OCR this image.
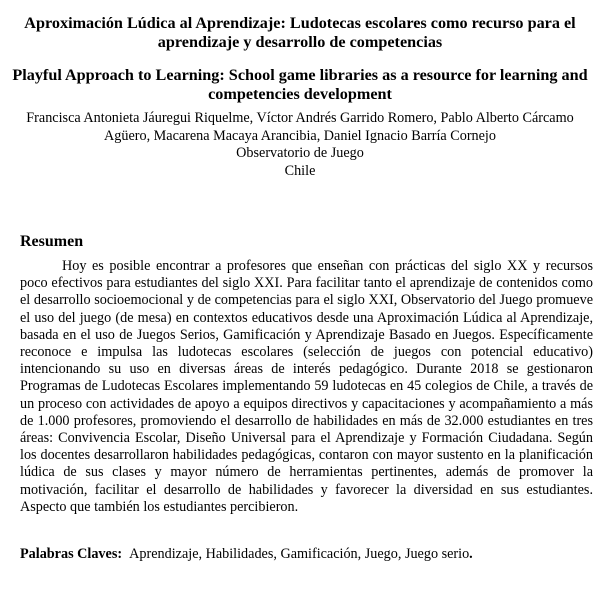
Aproximación Lúdica al Aprendizaje: Ludotecas escolares como recurso para el aprendizaje y desarrollo de competencias
Playful Approach to Learning: School game libraries as a resource for learning and competencies development
Francisca Antonieta Jáuregui Riquelme, Víctor Andrés Garrido Romero, Pablo Alberto Cárcamo
Agüero, Macarena Macaya Arancibia, Daniel Ignacio Barría Cornejo
Observatorio de Juego
Chile
Resumen

Hoy es posible encontrar a profesores que enseñan con prácticas del siglo XX y recursos poco efectivos para estudiantes del siglo XXI. Para facilitar tanto el aprendizaje de contenidos como el desarrollo socioemocional y de competencias para el siglo XXI, Observatorio del Juego promueve el uso del juego (de mesa) en contextos educativos desde una Aproximación Lúdica al Aprendizaje, basada en el uso de Juegos Serios, Gamificación y Aprendizaje Basado en Juegos. Específicamente reconoce e impulsa las ludotecas escolares (selección de juegos con potencial educativo) intencionando su uso en diversas áreas de interés pedagógico. Durante 2018 se gestionaron Programas de Ludotecas Escolares implementando 59 ludotecas en 45 colegios de Chile, a través de un proceso con actividades de apoyo a equipos directivos y capacitaciones y acompañamiento a más de 1.000 profesores, promoviendo el desarrollo de habilidades en más de 32.000 estudiantes en tres áreas: Convivencia Escolar, Diseño Universal para el Aprendizaje y Formación Ciudadana. Según los docentes desarrollaron habilidades pedagógicas, contaron con mayor sustento en la planificación lúdica de sus clases y mayor número de herramientas pertinentes, además de promover la motivación, facilitar el desarrollo de habilidades y favorecer la diversidad en sus estudiantes. Aspecto que también los estudiantes percibieron.

Palabras Claves: Aprendizaje, Habilidades, Gamificación, Juego, Juego serio.
